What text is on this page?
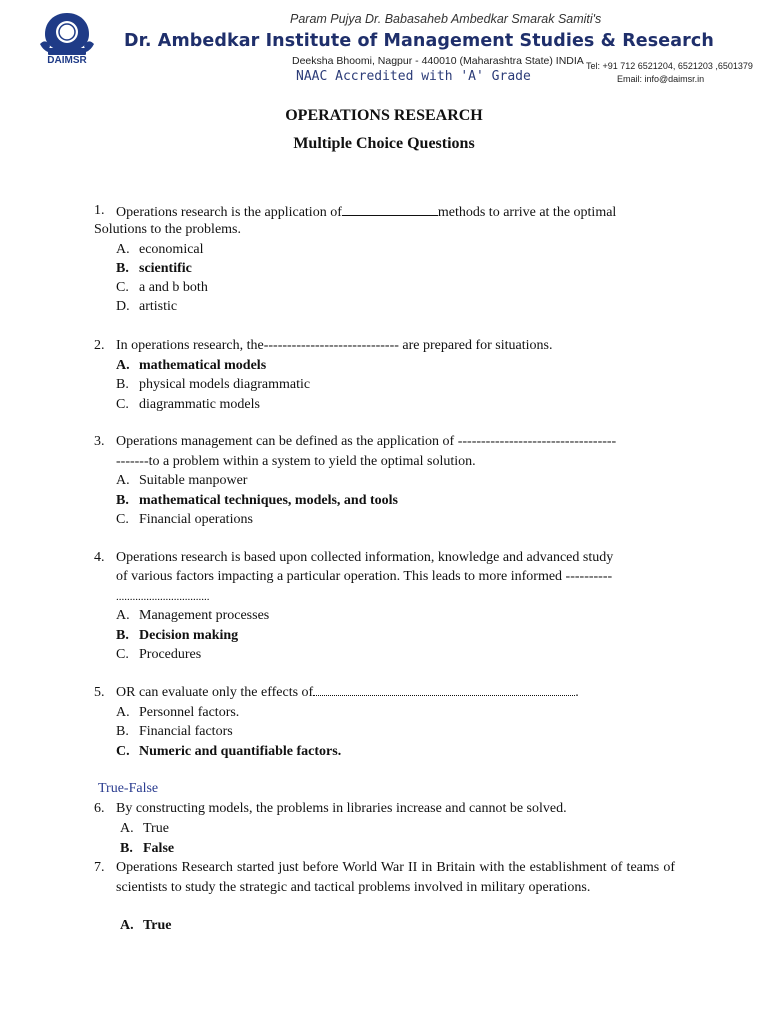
DAIMSR
Param Pujya Dr. Babasaheb Ambedkar Smarak Samiti's
Dr. Ambedkar Institute of Management Studies & Research
Deeksha Bhoomi, Nagpur - 440010 (Maharashtra State) INDIA
NAAC Accredited with 'A' Grade
Tel: +91 712 6521204, 6521203 ,6501379
Email: info@daimsr.in
OPERATIONS RESEARCH
Multiple Choice Questions
1. Operations research is the application of	methods to arrive at the optimal
Solutions to the problems.
A. economical
B. scientific
C. a and b both
D. artistic
2. In operations research, the----------------------------- are prepared for situations.
A. mathematical models
B. physical models diagrammatic
C. diagrammatic models
3. Operations management can be defined as the application of ----------------------------------
-------to a problem within a system to yield the optimal solution.
A. Suitable manpower
B. mathematical techniques, models, and tools
C. Financial operations
4. Operations research is based upon collected information, knowledge and advanced study
of various factors impacting a particular operation. This leads to more informed ----------
..................................
A. Management processes
B. Decision making
C. Procedures
5. OR can evaluate only the effects of	.
A. Personnel factors.
B. Financial factors
C. Numeric and quantifiable factors.
True-False
6. By constructing models, the problems in libraries increase and cannot be solved.
A. True
B. False
7. Operations Research started just before World War II in Britain with the establishment of teams of scientists to study the strategic and tactical problems involved in military operations.
A. True
